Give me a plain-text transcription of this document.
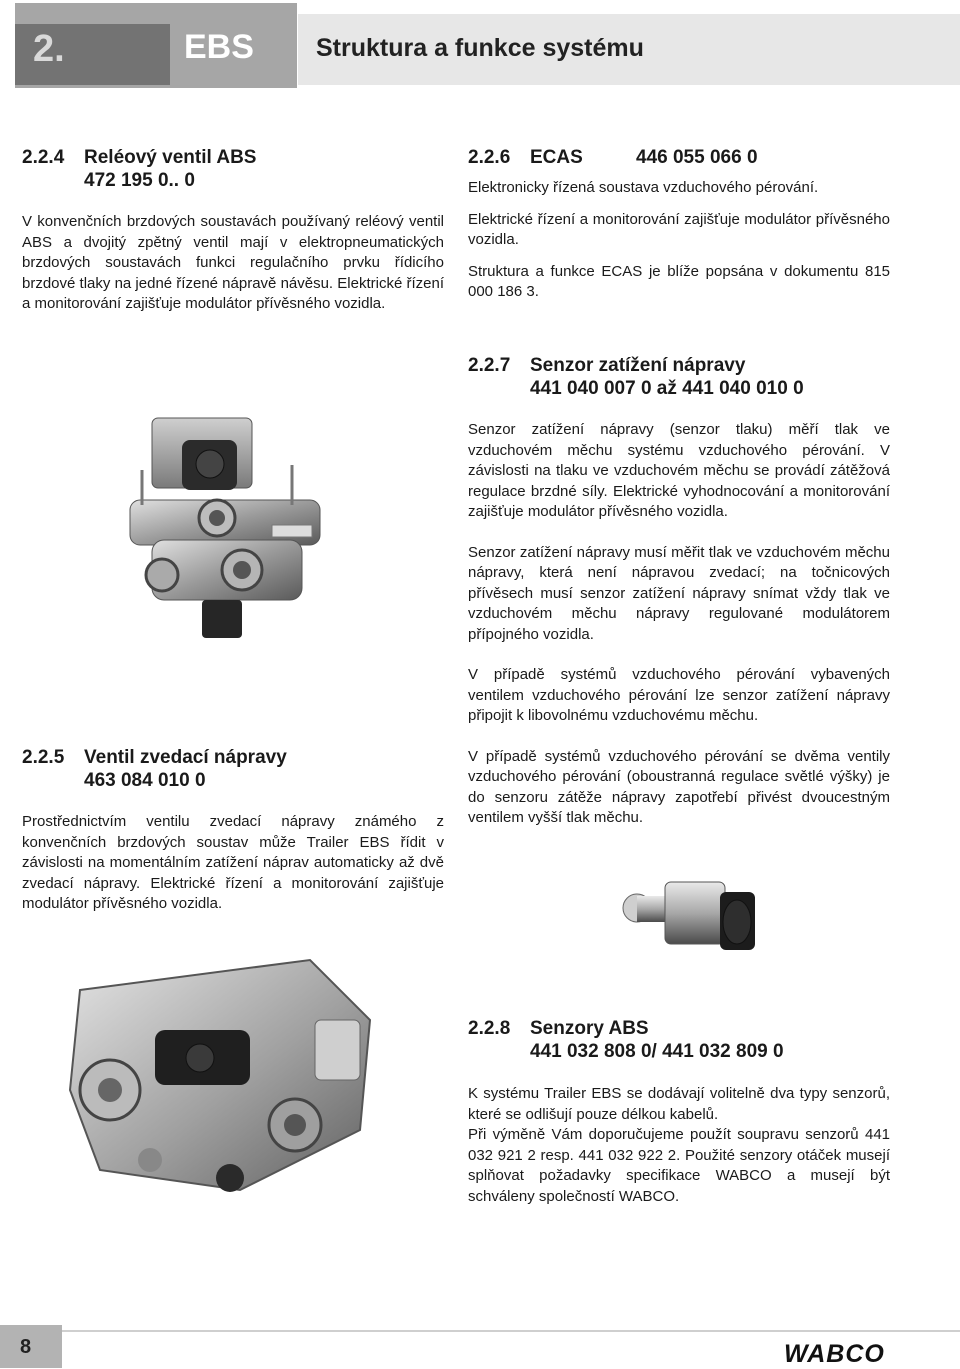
2.	EBS Struktura a funkce systému
2.2.4 Reléový ventil ABS
472 195 0.. 0

V konvenčních brzdových soustavách používaný reléový ventil ABS a dvojitý zpětný ventil mají v elektropneumatických brzdových soustavách funkci regulačního prvku řídicího brzdové tlaky na jedné řízené nápravě návěsu. Elektrické řízení a monitorování zajišťuje modulátor přívěsného vozidla.

2.2.5 Ventil zvedací nápravy
463 084 010 0

Prostřednictvím ventilu zvedací nápravy známého z konvenčních brzdových soustav může Trailer EBS řídit v závislosti na momentálním zatížení náprav automaticky až dvě zvedací nápravy. Elektrické řízení a monitorování zajišťuje modulátor přívěsného vozidla.

2.2.6 ECAS	446 055 066 0

Elektronicky řízená soustava vzduchového pérování.

Elektrické řízení a monitorování zajišťuje modulátor přívěsného vozidla.

Struktura a funkce ECAS je blíže popsána v dokumentu 815 000 186 3.

2.2.7 Senzor zatížení nápravy
441 040 007 0 až 441 040 010 0

Senzor zatížení nápravy (senzor tlaku) měří tlak ve vzduchovém měchu systému vzduchového pérování. V závislosti na tlaku ve vzduchovém měchu se provádí zátěžová regulace brzdné síly. Elektrické vyhodnocování a monitorování zajišťuje modulátor přívěsného vozidla.

Senzor zatížení nápravy musí měřit tlak ve vzduchovém měchu nápravy, která není nápravou zvedací; na točnicových přívěsech musí senzor zatížení nápravy snímat vždy tlak ve vzduchovém měchu nápravy regulované modulátorem přípojného vozidla.

V případě systémů vzduchového pérování vybavených ventilem vzduchového pérování lze senzor zatížení nápravy připojit k libovolnému vzduchovému měchu.

V případě systémů vzduchového pérování se dvěma ventily vzduchového pérování (oboustranná regulace světlé výšky) je do senzoru zátěže nápravy zapotřebí přivést dvoucestným ventilem vyšší tlak měchu.

2.2.8 Senzory ABS
441 032 808 0/ 441 032 809 0

K systému Trailer EBS se dodávají volitelně dva typy senzorů, které se odlišují pouze délkou kabelů.

Při výměně Vám doporučujeme použít soupravu senzorů 441 032 921 2 resp. 441 032 922 2. Použité senzory otáček musejí splňovat požadavky specifikace WABCO a musejí být schváleny společností WABCO.

8	WABCO
